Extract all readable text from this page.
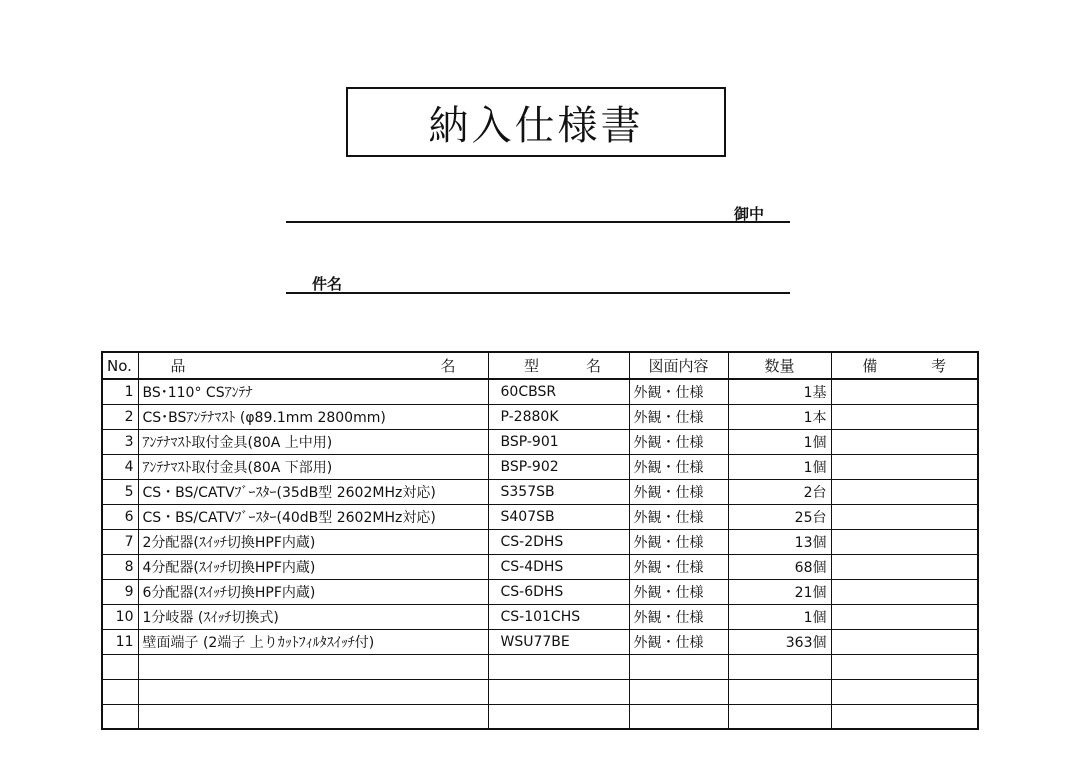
納入仕様書
御中
件名
No.	品 名	型 名	図面内容	数量	備 考

1	BS･110° CSｱﾝﾃﾅ	60CBSR	外観・仕様	1基	
2	CS･BSｱﾝﾃﾅﾏｽﾄ (φ89.1mm 2800mm)	P-2880K	外観・仕様	1本	
3	ｱﾝﾃﾅﾏｽﾄ取付金具(80A 上中用)	BSP-901	外観・仕様	1個	
4	ｱﾝﾃﾅﾏｽﾄ取付金具(80A 下部用)	BSP-902	外観・仕様	1個	
5	CS・BS/CATVﾌﾞｰｽﾀｰ(35dB型 2602MHz対応)	S357SB	外観・仕様	2台	
6	CS・BS/CATVﾌﾞｰｽﾀｰ(40dB型 2602MHz対応)	S407SB	外観・仕様	25台	
7	2分配器(ｽｲｯﾁ切換HPF内蔵)	CS-2DHS	外観・仕様	13個	
8	4分配器(ｽｲｯﾁ切換HPF内蔵)	CS-4DHS	外観・仕様	68個	
9	6分配器(ｽｲｯﾁ切換HPF内蔵)	CS-6DHS	外観・仕様	21個	
10	1分岐器 (ｽｲｯﾁ切換式)	CS-101CHS	外観・仕様	1個	
11	壁面端子 (2端子 上りｶｯﾄﾌｨﾙﾀｽｲｯﾁ付)	WSU77BE	外観・仕様	363個	
